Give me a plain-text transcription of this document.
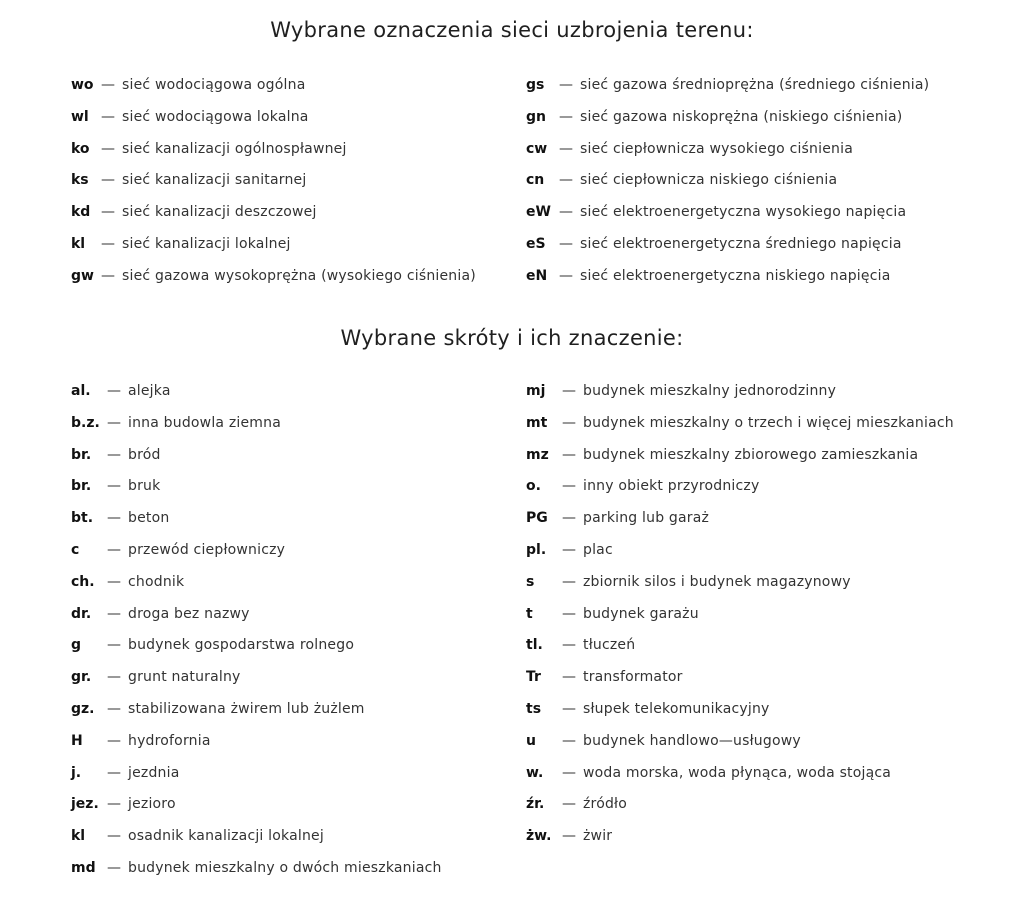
Wybrane oznaczenia sieci uzbrojenia terenu:
wo — sieć wodociągowa ogólna
wl — sieć wodociągowa lokalna
ko — sieć kanalizacji ogólnospławnej
ks — sieć kanalizacji sanitarnej
kd — sieć kanalizacji deszczowej
kl — sieć kanalizacji lokalnej
gw — sieć gazowa wysokoprężna (wysokiego ciśnienia)
gs — sieć gazowa średnioprężna (średniego ciśnienia)
gn — sieć gazowa niskoprężna (niskiego ciśnienia)
cw — sieć ciepłownicza wysokiego ciśnienia
cn — sieć ciepłownicza niskiego ciśnienia
eW — sieć elektroenergetyczna wysokiego napięcia
eS — sieć elektroenergetyczna średniego napięcia
eN — sieć elektroenergetyczna niskiego napięcia
Wybrane skróty i ich znaczenie:
al. — alejka
b.z. — inna budowla ziemna
br. — bród
br. — bruk
bt. — beton
c — przewód ciepłowniczy
ch. — chodnik
dr. — droga bez nazwy
g — budynek gospodarstwa rolnego
gr. — grunt naturalny
gz. — stabilizowana żwirem lub żużlem
H — hydrofornia
j. — jezdnia
jez. — jezioro
kl — osadnik kanalizacji lokalnej
md — budynek mieszkalny o dwóch mieszkaniach
mj — budynek mieszkalny jednorodzinny
mt — budynek mieszkalny o trzech i więcej mieszkaniach
mz — budynek mieszkalny zbiorowego zamieszkania
o. — inny obiekt przyrodniczy
PG — parking lub garaż
pl. — plac
s — zbiornik silos i budynek magazynowy
t — budynek garażu
tl. — tłuczeń
Tr — transformator
ts — słupek telekomunikacyjny
u — budynek handlowo—usługowy
w. — woda morska, woda płynąca, woda stojąca
źr. — źródło
żw. — żwir
